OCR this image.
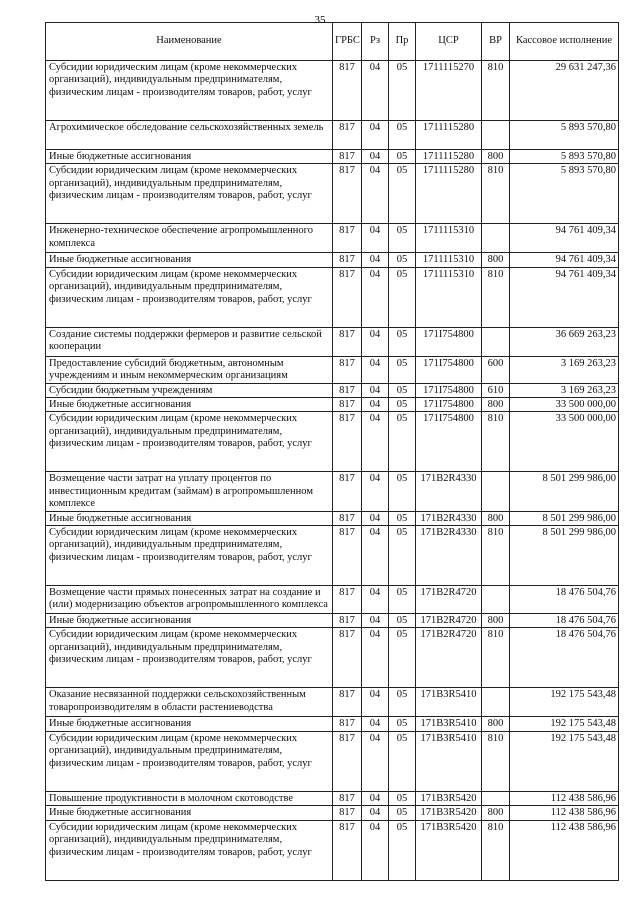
35
Наименование	ГРБС	Рз	Пр	ЦСР	ВР	Кассовое исполнение
Субсидии юридическим лицам (кроме некоммерческих организаций), индивидуальным предпринимателям, физическим лицам - производителям товаров, работ, услуг	817	04	05	1711115270	810	29 631 247,36
Агрохимическое обследование сельскохозяйственных земель	817	04	05	1711115280		5 893 570,80
Иные бюджетные ассигнования	817	04	05	1711115280	800	5 893 570,80
Субсидии юридическим лицам (кроме некоммерческих организаций), индивидуальным предпринимателям, физическим лицам - производителям товаров, работ, услуг	817	04	05	1711115280	810	5 893 570,80
Инженерно-техническое обеспечение агропромышленного комплекса	817	04	05	1711115310		94 761 409,34
Иные бюджетные ассигнования	817	04	05	1711115310	800	94 761 409,34
Субсидии юридическим лицам (кроме некоммерческих организаций), индивидуальным предпринимателям, физическим лицам - производителям товаров, работ, услуг	817	04	05	1711115310	810	94 761 409,34
Создание системы поддержки фермеров и развитие сельской кооперации	817	04	05	171I754800		36 669 263,23
Предоставление субсидий бюджетным, автономным учреждениям и иным некоммерческим организациям	817	04	05	171I754800	600	3 169 263,23
Субсидии бюджетным учреждениям	817	04	05	171I754800	610	3 169 263,23
Иные бюджетные ассигнования	817	04	05	171I754800	800	33 500 000,00
Субсидии юридическим лицам (кроме некоммерческих организаций), индивидуальным предпринимателям, физическим лицам - производителям товаров, работ, услуг	817	04	05	171I754800	810	33 500 000,00
Возмещение части затрат на уплату процентов по инвестиционным кредитам (займам) в агропромышленном комплексе	817	04	05	171B2R4330		8 501 299 986,00
Иные бюджетные ассигнования	817	04	05	171B2R4330	800	8 501 299 986,00
Субсидии юридическим лицам (кроме некоммерческих организаций), индивидуальным предпринимателям, физическим лицам - производителям товаров, работ, услуг	817	04	05	171B2R4330	810	8 501 299 986,00
Возмещение части прямых понесенных затрат на создание и (или) модернизацию объектов агропромышленного комплекса	817	04	05	171B2R4720		18 476 504,76
Иные бюджетные ассигнования	817	04	05	171B2R4720	800	18 476 504,76
Субсидии юридическим лицам (кроме некоммерческих организаций), индивидуальным предпринимателям, физическим лицам - производителям товаров, работ, услуг	817	04	05	171B2R4720	810	18 476 504,76
Оказание несвязанной поддержки сельскохозяйственным товаропроизводителям в области растениеводства	817	04	05	171B3R5410		192 175 543,48
Иные бюджетные ассигнования	817	04	05	171B3R5410	800	192 175 543,48
Субсидии юридическим лицам (кроме некоммерческих организаций), индивидуальным предпринимателям, физическим лицам - производителям товаров, работ, услуг	817	04	05	171B3R5410	810	192 175 543,48
Повышение продуктивности в молочном скотоводстве	817	04	05	171B3R5420		112 438 586,96
Иные бюджетные ассигнования	817	04	05	171B3R5420	800	112 438 586,96
Субсидии юридическим лицам (кроме некоммерческих организаций), индивидуальным предпринимателям, физическим лицам - производителям товаров, работ, услуг	817	04	05	171B3R5420	810	112 438 586,96
